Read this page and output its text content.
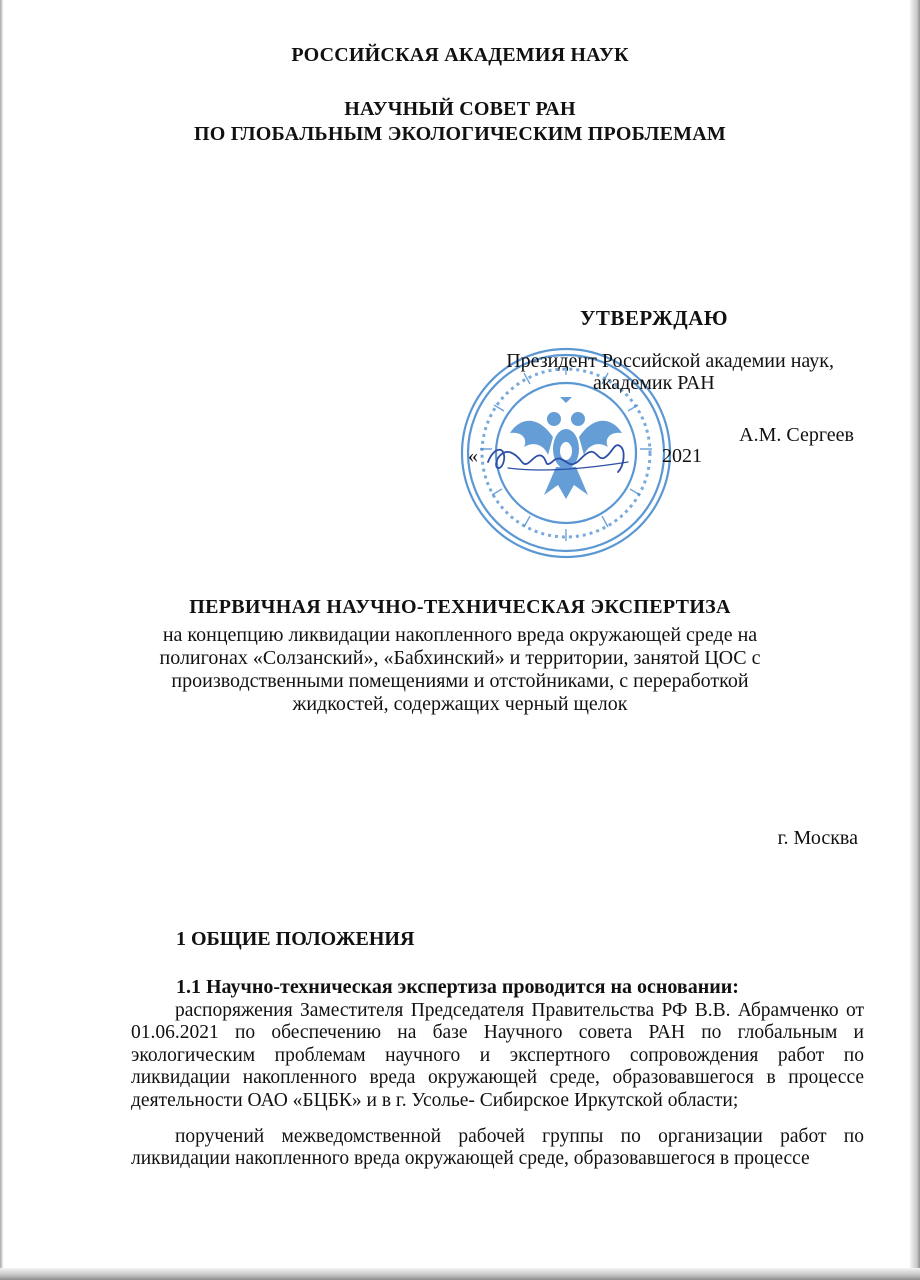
РОССИЙСКАЯ АКАДЕМИЯ НАУК
НАУЧНЫЙ СОВЕТ РАН
ПО ГЛОБАЛЬНЫМ ЭКОЛОГИЧЕСКИМ ПРОБЛЕМАМ
УТВЕРЖДАЮ
Президент Российской академии наук,
академик РАН
А.М. Сергеев
«	2021
ПЕРВИЧНАЯ НАУЧНО-ТЕХНИЧЕСКАЯ ЭКСПЕРТИЗА
на концепцию ликвидации накопленного вреда окружающей среде на
полигонах «Солзанский», «Бабхинский» и территории, занятой ЦОС с
производственными помещениями и отстойниками, с переработкой
жидкостей, содержащих черный щелок
г. Москва
1 ОБЩИЕ ПОЛОЖЕНИЯ
1.1 Научно-техническая экспертиза проводится на основании:
распоряжения Заместителя Председателя Правительства РФ В.В. Абрамченко от 01.06.2021 по обеспечению на базе Научного совета РАН по глобальным и экологическим проблемам научного и экспертного сопровождения работ по ликвидации накопленного вреда окружающей среде, образовавшегося в процессе деятельности ОАО «БЦБК» и в г. Усолье- Сибирское Иркутской области;
поручений межведомственной рабочей группы по организации работ по ликвидации накопленного вреда окружающей среде, образовавшегося в процессе
